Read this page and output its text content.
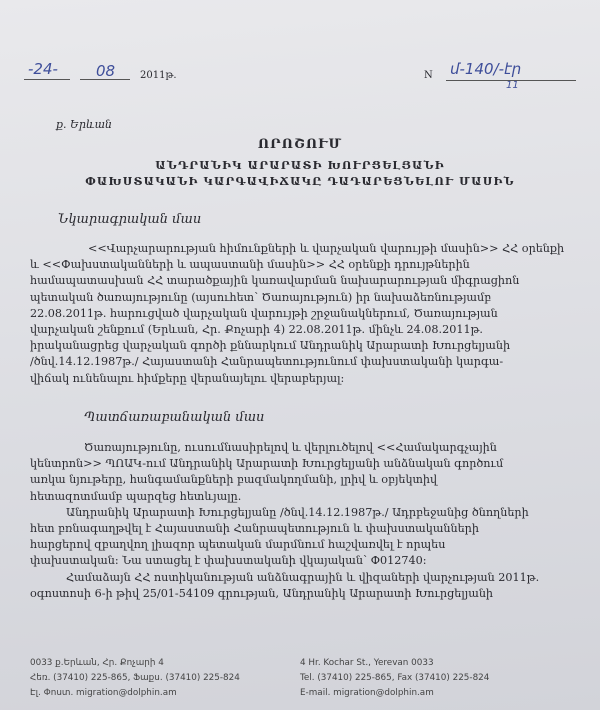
-24-	08 2011թ.	N մ-140/-էր
11
ք. Երևան
ՈՐՈՇՈՒՄ
ԱՆԴՐԱՆԻԿ ԱՐԱՐԱՏԻ ԽՈՒՐՑԵԼՅԱՆԻ
ՓԱԽՍՏԱԿԱՆԻ ԿԱՐԳԱՎԻՃԱԿԸ ԴԱԴԱՐԵՑՆԵԼՈՒ ՄԱՍԻՆ
Նկարագրական մաս
<<Վարչարարության հիմունքների և վարչական վարույթի մասին>> ՀՀ օրենքի
և <<Փախստականների և ապաստանի մասին>> ՀՀ օրենքի դրույթներին
համապատասխան ՀՀ տարածքային կառավարման նախարարության միգրացիոն
պետական ծառայությունը (այսուհետ՝ Ծառայություն) իր նախաձեռնությամբ
22.08.2011թ. հարուցված վարչական վարույթի շրջանակներում, Ծառայության
վարչական շենքում (Երևան, Հր. Քոչարի 4) 22.08.2011թ. մինչև 24.08.2011թ.
իրականացրեց վարչական գործի քննարկում Անդրանիկ Արարատի Խուրցելյանի
/ծնվ.14.12.1987թ./ Հայաստանի Հանրապետությունում փախստականի կարգա-
վիճակ ունենալու հիմքերը վերանայելու վերաբերյալ:
Պատճառաբանական մաս
Ծառայությունը, ուսումնասիրելով և վերլուծելով <<Համակարգչային
կենտրոն>> ՊՈԱԿ-ում Անդրանիկ Արարատի Խուրցելյանի անձնական գործում
առկա նյութերը, հանգամանքների բազմակողմանի, լրիվ և օբյեկտիվ
հետազոտմամբ պարզեց հետևյալը.
Անդրանիկ Արարատի Խուրցելյանը /ծնվ.14.12.1987թ./ Ադրբեջանից ծնողների
հետ բռնագաղթվել է Հայաստանի Հանրապետություն և փախստականների
հարցերով զբաղվող լիազոր պետական մարմնում հաշվառվել է որպես
փախստական: Նա ստացել է փախստականի վկայական՝ Փ012740:
Համաձայն ՀՀ ոստիկանության անձնագրային և վիզաների վարչության 2011թ.
օգոստոսի 6-ի թիվ 25/01-54109 գրության, Անդրանիկ Արարատի Խուրցելյանի
0033 ք.Երևան, Հր. Քոչարի 4
Հեռ. (37410) 225-865, Ֆաքս. (37410) 225-824
Էլ. Փոստ. migration@dolphin.am
4 Hr. Kochar St., Yerevan 0033
Tel. (37410) 225-865, Fax (37410) 225-824
E-mail. migration@dolphin.am
